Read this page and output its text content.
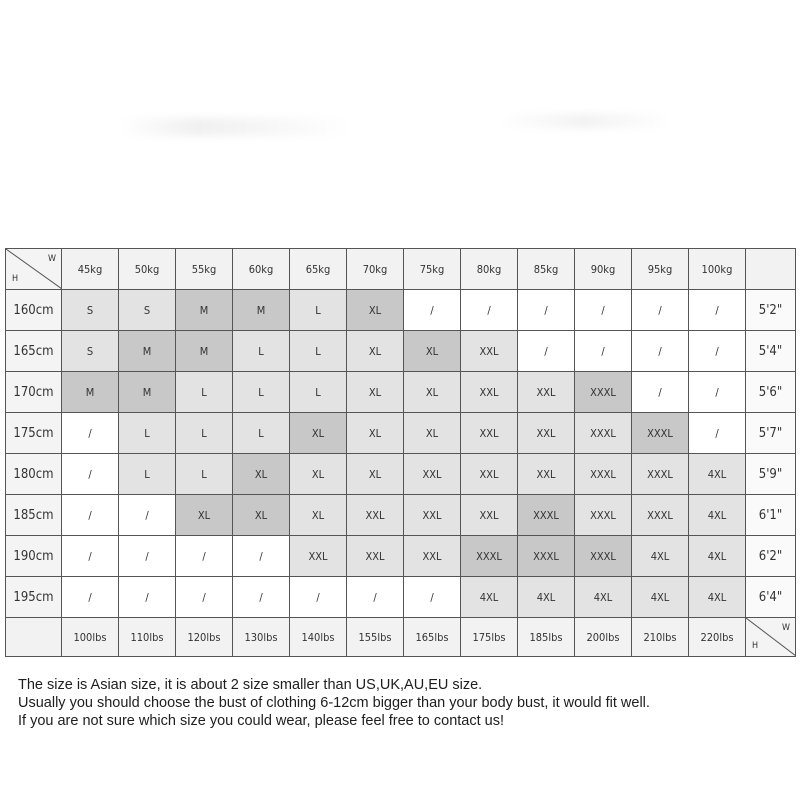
H
W	45kg	50kg	55kg	60kg	65kg	70kg	75kg	80kg	85kg	90kg	95kg	100kg	
160cm	S	S	M	M	L	XL	/	/	/	/	/	/	5'2"
165cm	S	M	M	L	L	XL	XL	XXL	/	/	/	/	5'4"
170cm	M	M	L	L	L	XL	XL	XXL	XXL	XXXL	/	/	5'6"
175cm	/	L	L	L	XL	XL	XL	XXL	XXL	XXXL	XXXL	/	5'7"
180cm	/	L	L	XL	XL	XL	XXL	XXL	XXL	XXXL	XXXL	4XL	5'9"
185cm	/	/	XL	XL	XL	XXL	XXL	XXL	XXXL	XXXL	XXXL	4XL	6'1"
190cm	/	/	/	/	XXL	XXL	XXL	XXXL	XXXL	XXXL	4XL	4XL	6'2"
195cm	/	/	/	/	/	/	/	4XL	4XL	4XL	4XL	4XL	6'4"
	100lbs	110lbs	120lbs	130lbs	140lbs	155lbs	165lbs	175lbs	185lbs	200lbs	210lbs	220lbs	H
W
The size is Asian size, it is about 2 size smaller than US,UK,AU,EU size.
Usually you should choose the bust of clothing 6-12cm bigger than your body bust, it would fit well.
If you are not sure which size you could wear, please feel free to contact us!
